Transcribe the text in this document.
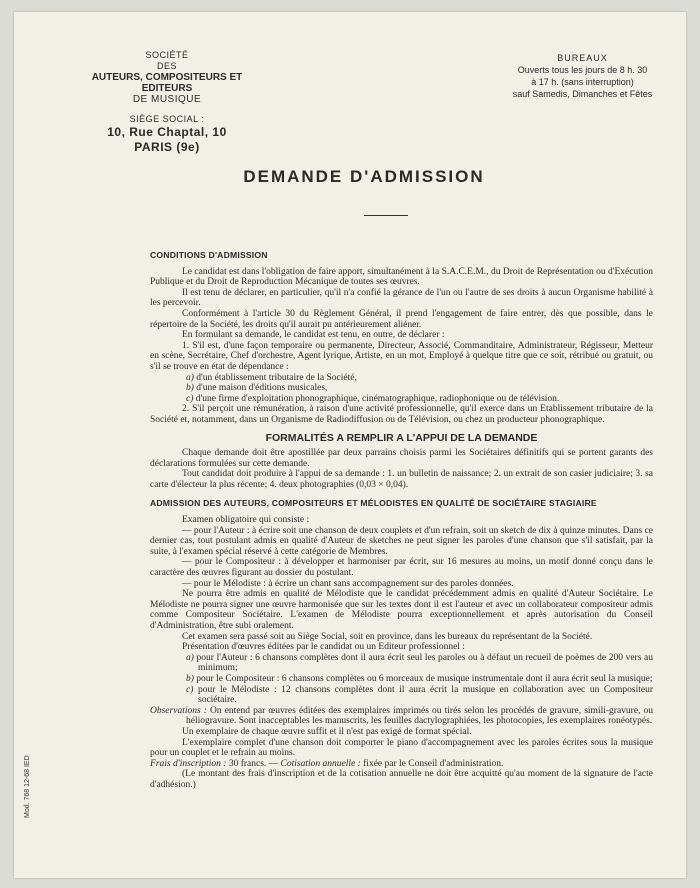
SOCIÉTÉ
DES
AUTEURS, COMPOSITEURS ET EDITEURS
DE MUSIQUE
SIÈGE SOCIAL :
10, Rue Chaptal, 10
PARIS (9e)
BUREAUX
Ouverts tous les jours de 8 h. 30
à 17 h. (sans interruption)
sauf Samedis, Dimanches et Fêtes
DEMANDE D'ADMISSION
CONDITIONS D'ADMISSION

Le candidat est dans l'obligation de faire apport, simultanément à la S.A.C.E.M., du Droit de Représentation ou d'Exécution Publique et du Droit de Reproduction Mécanique de toutes ses œuvres.

Il est tenu de déclarer, en particulier, qu'il n'a confié la gérance de l'un ou l'autre de ses droits à aucun Organisme habilité à les percevoir.

Conformément à l'article 30 du Règlement Général, il prend l'engagement de faire entrer, dès que possible, dans le répertoire de la Société, les droits qu'il aurait pu antérieurement aliéner.

En formulant sa demande, le candidat est tenu, en outre, de déclarer :

1. S'il est, d'une façon temporaire ou permanente, Directeur, Associé, Commanditaire, Administrateur, Régisseur, Metteur en scène, Secrétaire, Chef d'orchestre, Agent lyrique, Artiste, en un mot, Employé à quelque titre que ce soit, rétribué ou gratuit, ou s'il se trouve en état de dépendance :

a) d'un établissement tributaire de la Société,

b) d'une maison d'éditions musicales,

c) d'une firme d'exploitation phonographique, cinématographique, radiophonique ou de télévision.

2. S'il perçoit une rémunération, à raison d'une activité professionnelle, qu'il exerce dans un Etablissement tributaire de la Société et, notamment, dans un Organisme de Radiodiffusion ou de Télévision, ou chez un producteur phonographique.

FORMALITÉS A REMPLIR A L'APPUI DE LA DEMANDE

Chaque demande doit être apostillée par deux parrains choisis parmi les Sociétaires définitifs qui se portent garants des déclarations formulées sur cette demande.

Tout candidat doit produire à l'appui de sa demande : 1. un bulletin de naissance; 2. un extrait de son casier judiciaire; 3. sa carte d'électeur la plus récente; 4. deux photographies (0,03 × 0,04).

ADMISSION DES AUTEURS, COMPOSITEURS ET MÉLODISTES EN QUALITÉ DE SOCIÉTAIRE STAGIAIRE

Examen obligatoire qui consiste :

— pour l'Auteur : à écrire soit une chanson de deux couplets et d'un refrain, soit un sketch de dix à quinze minutes. Dans ce dernier cas, tout postulant admis en qualité d'Auteur de sketches ne peut signer les paroles d'une chanson que s'il satisfait, par la suite, à l'examen spécial réservé à cette catégorie de Membres.

— pour le Compositeur : à développer et harmoniser par écrit, sur 16 mesures au moins, un motif donné conçu dans le caractère des œuvres figurant au dossier du postulant.

— pour le Mélodiste : à écrire un chant sans accompagnement sur des paroles données.

Ne pourra être admis en qualité de Mélodiste que le candidat précédemment admis en qualité d'Auteur Sociétaire. Le Mélodiste ne pourra signer une œuvre harmonisée que sur les textes dont il est l'auteur et avec un collaborateur compositeur admis comme Compositeur Sociétaire. L'examen de Mélodiste pourra exceptionnellement et après autorisation du Conseil d'Administration, être subi oralement.

Cet examen sera passé soit au Siège Social, soit en province, dans les bureaux du représentant de la Société.

Présentation d'œuvres éditées par le candidat ou un Editeur professionnel :

a) pour l'Auteur : 6 chansons complètes dont il aura écrit seul les paroles ou à défaut un recueil de poèmes de 200 vers au minimum;

b) pour le Compositeur : 6 chansons complètes ou 6 morceaux de musique instrumentale dont il aura écrit seul la musique;

c) pour le Mélodiste : 12 chansons complètes dont il aura écrit la musique en collaboration avec un Compositeur sociétaire.

Observations : On entend par œuvres éditées des exemplaires imprimés ou tirés selon les procédés de gravure, simili-gravure, ou héliogravure. Sont inacceptables les manuscrits, les feuilles dactylographiées, les photocopies, les exemplaires ronéotypés.

Un exemplaire de chaque œuvre suffit et il n'est pas exigé de format spécial.

L'exemplaire complet d'une chanson doit comporter le piano d'accompagnement avec les paroles écrites sous la musique pour un couplet et le refrain au moins.

Frais d'inscription : 30 francs. — Cotisation annuelle : fixée par le Conseil d'administration.

(Le montant des frais d'inscription et de la cotisation annuelle ne doit être acquitté qu'au moment de la signature de l'acte d'adhésion.)

Mod. 768 12-68 IED
